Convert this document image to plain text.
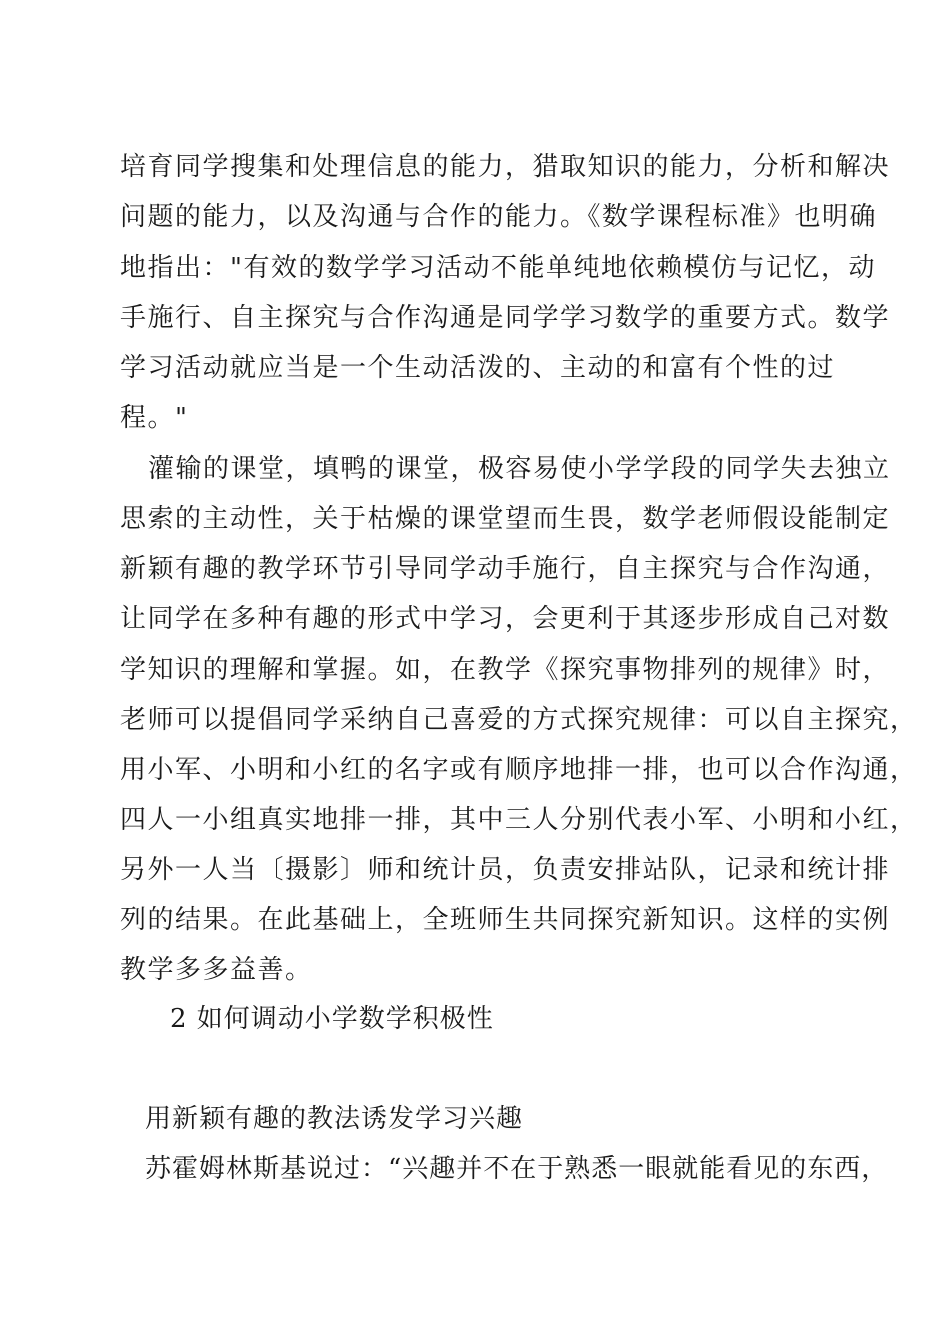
培育同学搜集和处理信息的能力，猎取知识的能力，分析和解决
问题的能力，以及沟通与合作的能力。《数学课程标准》也明确
地指出："有效的数学学习活动不能单纯地依赖模仿与记忆，动
手施行、自主探究与合作沟通是同学学习数学的重要方式。数学
学习活动就应当是一个生动活泼的、主动的和富有个性的过
程。"
灌输的课堂，填鸭的课堂，极容易使小学学段的同学失去独立
思索的主动性，关于枯燥的课堂望而生畏，数学老师假设能制定
新颖有趣的教学环节引导同学动手施行，自主探究与合作沟通，
让同学在多种有趣的形式中学习，会更利于其逐步形成自己对数
学知识的理解和掌握。如，在教学《探究事物排列的规律》时，
老师可以提倡同学采纳自己喜爱的方式探究规律：可以自主探究，
用小军、小明和小红的名字或有顺序地排一排，也可以合作沟通，
四人一小组真实地排一排，其中三人分别代表小军、小明和小红，
另外一人当〔摄影〕师和统计员，负责安排站队，记录和统计排
列的结果。在此基础上，全班师生共同探究新知识。这样的实例
教学多多益善。
2 如何调动小学数学积极性
用新颖有趣的教法诱发学习兴趣
苏霍姆林斯基说过：“兴趣并不在于熟悉一眼就能看见的东西，
